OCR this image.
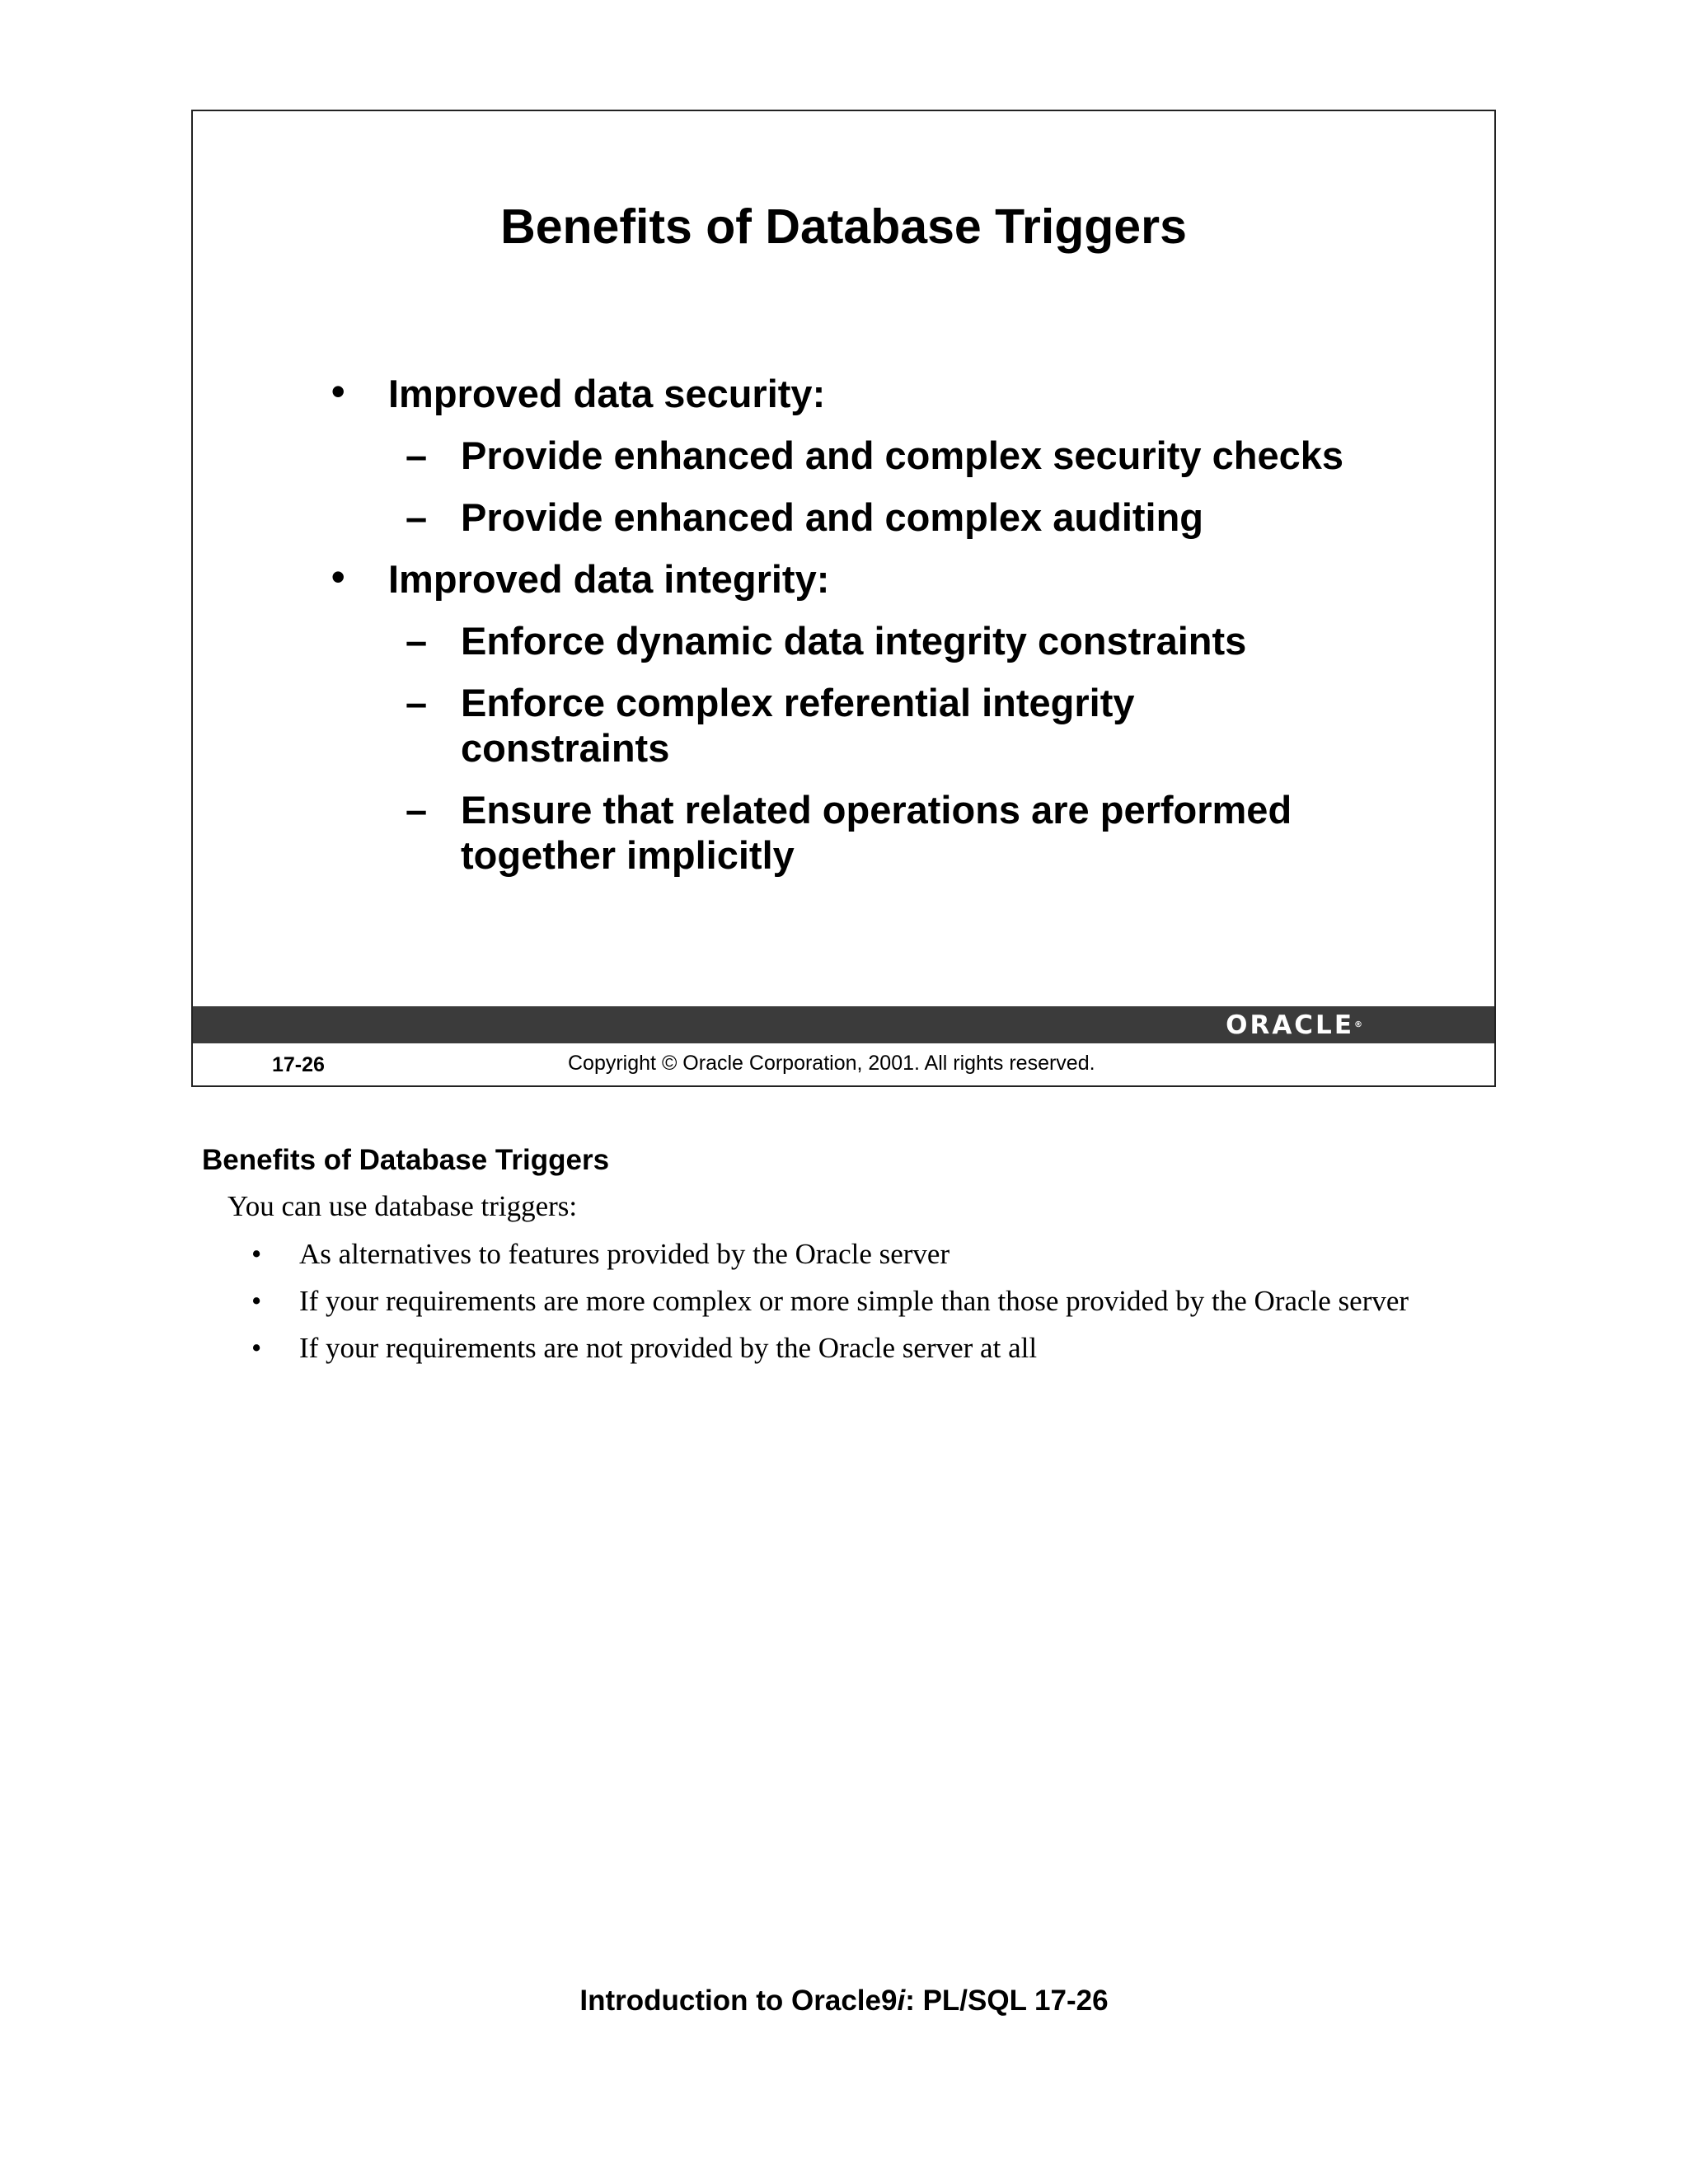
Benefits of Database Triggers
• Improved data security:
– Provide enhanced and complex security checks
– Provide enhanced and complex auditing
• Improved data integrity:
– Enforce dynamic data integrity constraints
– Enforce complex referential integrity constraints
– Ensure that related operations are performed together implicitly
ORACLE®
17-26	Copyright © Oracle Corporation, 2001. All rights reserved.
Benefits of Database Triggers

You can use database triggers:

• As alternatives to features provided by the Oracle server
• If your requirements are more complex or more simple than those provided by the Oracle server
• If your requirements are not provided by the Oracle server at all
Introduction to Oracle9i: PL/SQL 17-26
